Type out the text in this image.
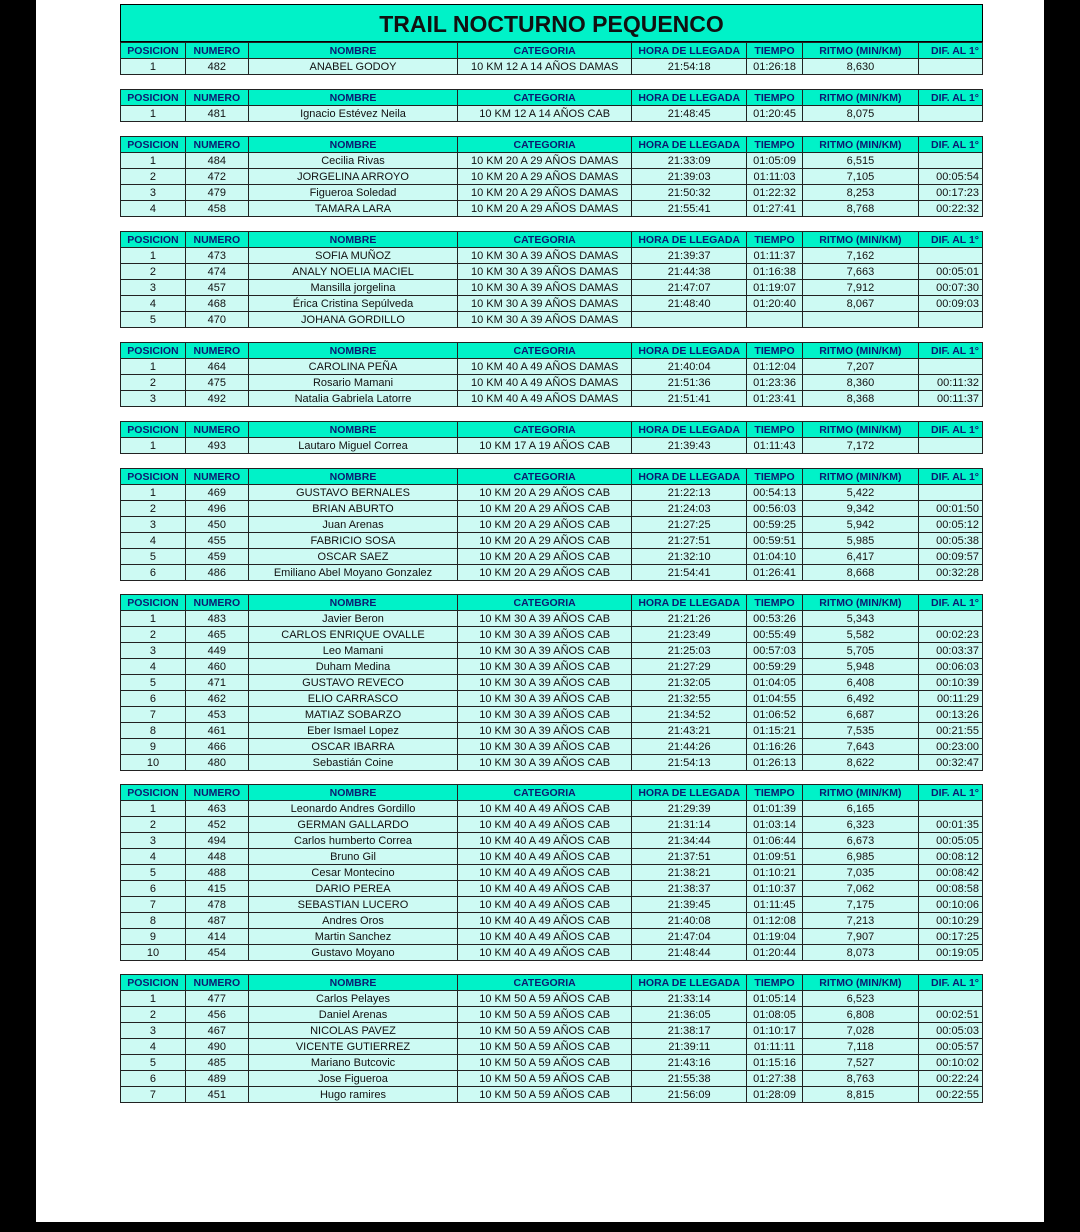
TRAIL NOCTURNO PEQUENCO
POSICION	NUMERO	NOMBRE	CATEGORIA	HORA DE LLEGADA	TIEMPO	RITMO (MIN/KM)	DIF. AL 1°
1	482	ANABEL GODOY	10 KM 12 A 14 AÑOS DAMAS	21:54:18	01:26:18	8,630	
POSICION	NUMERO	NOMBRE	CATEGORIA	HORA DE LLEGADA	TIEMPO	RITMO (MIN/KM)	DIF. AL 1°
1	481	Ignacio Estévez Neila	10 KM 12 A 14 AÑOS CAB	21:48:45	01:20:45	8,075	
POSICION	NUMERO	NOMBRE	CATEGORIA	HORA DE LLEGADA	TIEMPO	RITMO (MIN/KM)	DIF. AL 1°
1	484	Cecilia Rivas	10 KM 20 A 29 AÑOS DAMAS	21:33:09	01:05:09	6,515	
2	472	JORGELINA ARROYO	10 KM 20 A 29 AÑOS DAMAS	21:39:03	01:11:03	7,105	00:05:54
3	479	Figueroa Soledad	10 KM 20 A 29 AÑOS DAMAS	21:50:32	01:22:32	8,253	00:17:23
4	458	TAMARA LARA	10 KM 20 A 29 AÑOS DAMAS	21:55:41	01:27:41	8,768	00:22:32
POSICION	NUMERO	NOMBRE	CATEGORIA	HORA DE LLEGADA	TIEMPO	RITMO (MIN/KM)	DIF. AL 1°
1	473	SOFIA MUÑOZ	10 KM 30 A 39 AÑOS DAMAS	21:39:37	01:11:37	7,162	
2	474	ANALY NOELIA MACIEL	10 KM 30 A 39 AÑOS DAMAS	21:44:38	01:16:38	7,663	00:05:01
3	457	Mansilla jorgelina	10 KM 30 A 39 AÑOS DAMAS	21:47:07	01:19:07	7,912	00:07:30
4	468	Érica Cristina Sepúlveda	10 KM 30 A 39 AÑOS DAMAS	21:48:40	01:20:40	8,067	00:09:03
5	470	JOHANA GORDILLO	10 KM 30 A 39 AÑOS DAMAS				
POSICION	NUMERO	NOMBRE	CATEGORIA	HORA DE LLEGADA	TIEMPO	RITMO (MIN/KM)	DIF. AL 1°
1	464	CAROLINA PEÑA	10 KM 40 A 49 AÑOS DAMAS	21:40:04	01:12:04	7,207	
2	475	Rosario Mamani	10 KM 40 A 49 AÑOS DAMAS	21:51:36	01:23:36	8,360	00:11:32
3	492	Natalia Gabriela Latorre	10 KM 40 A 49 AÑOS DAMAS	21:51:41	01:23:41	8,368	00:11:37
POSICION	NUMERO	NOMBRE	CATEGORIA	HORA DE LLEGADA	TIEMPO	RITMO (MIN/KM)	DIF. AL 1°
1	493	Lautaro Miguel Correa	10 KM 17 A 19 AÑOS CAB	21:39:43	01:11:43	7,172	
POSICION	NUMERO	NOMBRE	CATEGORIA	HORA DE LLEGADA	TIEMPO	RITMO (MIN/KM)	DIF. AL 1°
1	469	GUSTAVO BERNALES	10 KM 20 A 29 AÑOS CAB	21:22:13	00:54:13	5,422	
2	496	BRIAN ABURTO	10 KM 20 A 29 AÑOS CAB	21:24:03	00:56:03	9,342	00:01:50
3	450	Juan Arenas	10 KM 20 A 29 AÑOS CAB	21:27:25	00:59:25	5,942	00:05:12
4	455	FABRICIO SOSA	10 KM 20 A 29 AÑOS CAB	21:27:51	00:59:51	5,985	00:05:38
5	459	OSCAR SAEZ	10 KM 20 A 29 AÑOS CAB	21:32:10	01:04:10	6,417	00:09:57
6	486	Emiliano Abel Moyano Gonzalez	10 KM 20 A 29 AÑOS CAB	21:54:41	01:26:41	8,668	00:32:28
POSICION	NUMERO	NOMBRE	CATEGORIA	HORA DE LLEGADA	TIEMPO	RITMO (MIN/KM)	DIF. AL 1°
1	483	Javier Beron	10 KM 30 A 39 AÑOS CAB	21:21:26	00:53:26	5,343	
2	465	CARLOS ENRIQUE OVALLE	10 KM 30 A 39 AÑOS CAB	21:23:49	00:55:49	5,582	00:02:23
3	449	Leo Mamani	10 KM 30 A 39 AÑOS CAB	21:25:03	00:57:03	5,705	00:03:37
4	460	Duham Medina	10 KM 30 A 39 AÑOS CAB	21:27:29	00:59:29	5,948	00:06:03
5	471	GUSTAVO REVECO	10 KM 30 A 39 AÑOS CAB	21:32:05	01:04:05	6,408	00:10:39
6	462	ELIO CARRASCO	10 KM 30 A 39 AÑOS CAB	21:32:55	01:04:55	6,492	00:11:29
7	453	MATIAZ SOBARZO	10 KM 30 A 39 AÑOS CAB	21:34:52	01:06:52	6,687	00:13:26
8	461	Eber Ismael Lopez	10 KM 30 A 39 AÑOS CAB	21:43:21	01:15:21	7,535	00:21:55
9	466	OSCAR IBARRA	10 KM 30 A 39 AÑOS CAB	21:44:26	01:16:26	7,643	00:23:00
10	480	Sebastián Coine	10 KM 30 A 39 AÑOS CAB	21:54:13	01:26:13	8,622	00:32:47
POSICION	NUMERO	NOMBRE	CATEGORIA	HORA DE LLEGADA	TIEMPO	RITMO (MIN/KM)	DIF. AL 1°
1	463	Leonardo Andres Gordillo	10 KM 40 A 49 AÑOS CAB	21:29:39	01:01:39	6,165	
2	452	GERMAN GALLARDO	10 KM 40 A 49 AÑOS CAB	21:31:14	01:03:14	6,323	00:01:35
3	494	Carlos humberto Correa	10 KM 40 A 49 AÑOS CAB	21:34:44	01:06:44	6,673	00:05:05
4	448	Bruno Gil	10 KM 40 A 49 AÑOS CAB	21:37:51	01:09:51	6,985	00:08:12
5	488	Cesar Montecino	10 KM 40 A 49 AÑOS CAB	21:38:21	01:10:21	7,035	00:08:42
6	415	DARIO PEREA	10 KM 40 A 49 AÑOS CAB	21:38:37	01:10:37	7,062	00:08:58
7	478	SEBASTIAN LUCERO	10 KM 40 A 49 AÑOS CAB	21:39:45	01:11:45	7,175	00:10:06
8	487	Andres Oros	10 KM 40 A 49 AÑOS CAB	21:40:08	01:12:08	7,213	00:10:29
9	414	Martin Sanchez	10 KM 40 A 49 AÑOS CAB	21:47:04	01:19:04	7,907	00:17:25
10	454	Gustavo Moyano	10 KM 40 A 49 AÑOS CAB	21:48:44	01:20:44	8,073	00:19:05
POSICION	NUMERO	NOMBRE	CATEGORIA	HORA DE LLEGADA	TIEMPO	RITMO (MIN/KM)	DIF. AL 1°
1	477	Carlos Pelayes	10 KM 50 A 59 AÑOS CAB	21:33:14	01:05:14	6,523	
2	456	Daniel Arenas	10 KM 50 A 59 AÑOS CAB	21:36:05	01:08:05	6,808	00:02:51
3	467	NICOLAS PAVEZ	10 KM 50 A 59 AÑOS CAB	21:38:17	01:10:17	7,028	00:05:03
4	490	VICENTE GUTIERREZ	10 KM 50 A 59 AÑOS CAB	21:39:11	01:11:11	7,118	00:05:57
5	485	Mariano Butcovic	10 KM 50 A 59 AÑOS CAB	21:43:16	01:15:16	7,527	00:10:02
6	489	Jose Figueroa	10 KM 50 A 59 AÑOS CAB	21:55:38	01:27:38	8,763	00:22:24
7	451	Hugo ramires	10 KM 50 A 59 AÑOS CAB	21:56:09	01:28:09	8,815	00:22:55
